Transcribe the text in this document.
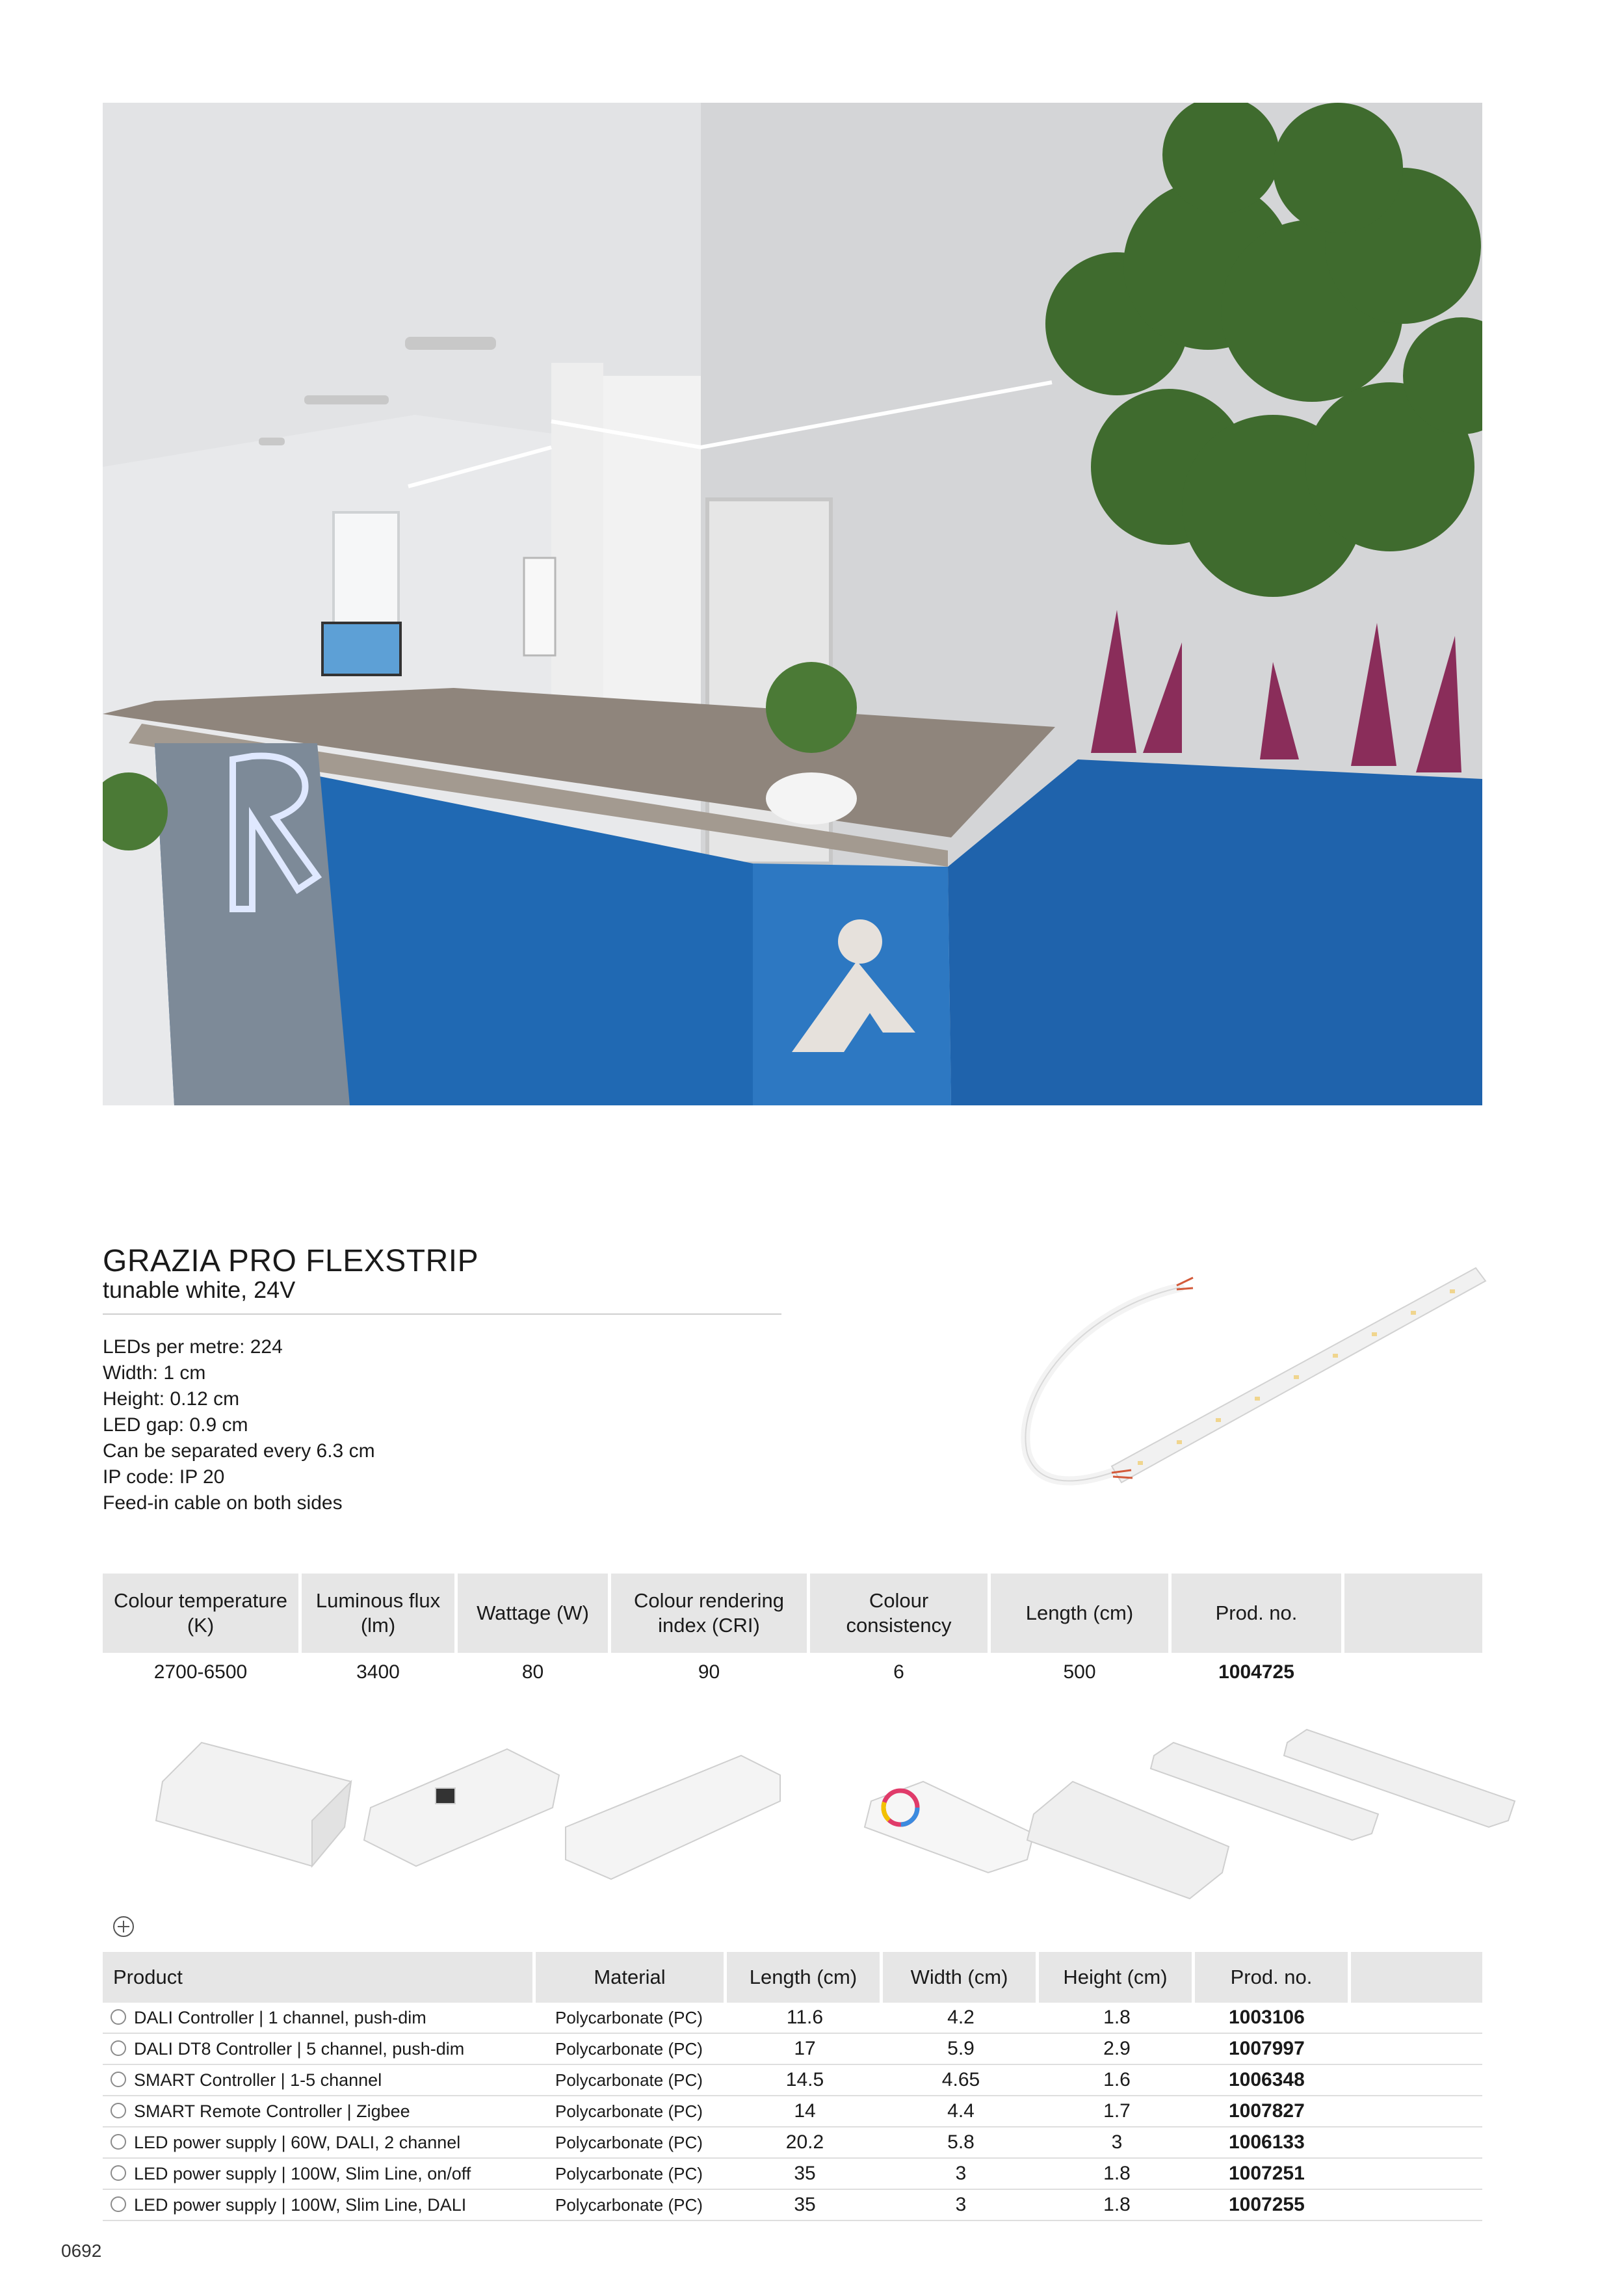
GRAZIA PRO FLEXSTRIP
tunable white, 24V
LEDs per metre: 224
Width: 1 cm
Height: 0.12 cm
LED gap: 0.9 cm
Can be separated every 6.3 cm
IP code: IP 20
Feed-in cable on both sides
Colour temperature (K)	Luminous flux (lm)	Wattage (W)	Colour rendering index (CRI)	Colour consistency	Length (cm)	Prod. no.	
2700-6500	3400	80	90	6	500	1004725	
Product	Material	Length (cm)	Width (cm)	Height (cm)	Prod. no.	
DALI Controller | 1 channel, push-dim	Polycarbonate (PC)	11.6	4.2	1.8	1003106	
DALI DT8 Controller | 5 channel, push-dim	Polycarbonate (PC)	17	5.9	2.9	1007997	
SMART Controller | 1-5 channel	Polycarbonate (PC)	14.5	4.65	1.6	1006348	
SMART Remote Controller | Zigbee	Polycarbonate (PC)	14	4.4	1.7	1007827	
LED power supply | 60W, DALI, 2 channel	Polycarbonate (PC)	20.2	5.8	3	1006133	
LED power supply | 100W, Slim Line, on/off	Polycarbonate (PC)	35	3	1.8	1007251	
LED power supply | 100W, Slim Line, DALI	Polycarbonate (PC)	35	3	1.8	1007255	
0692
